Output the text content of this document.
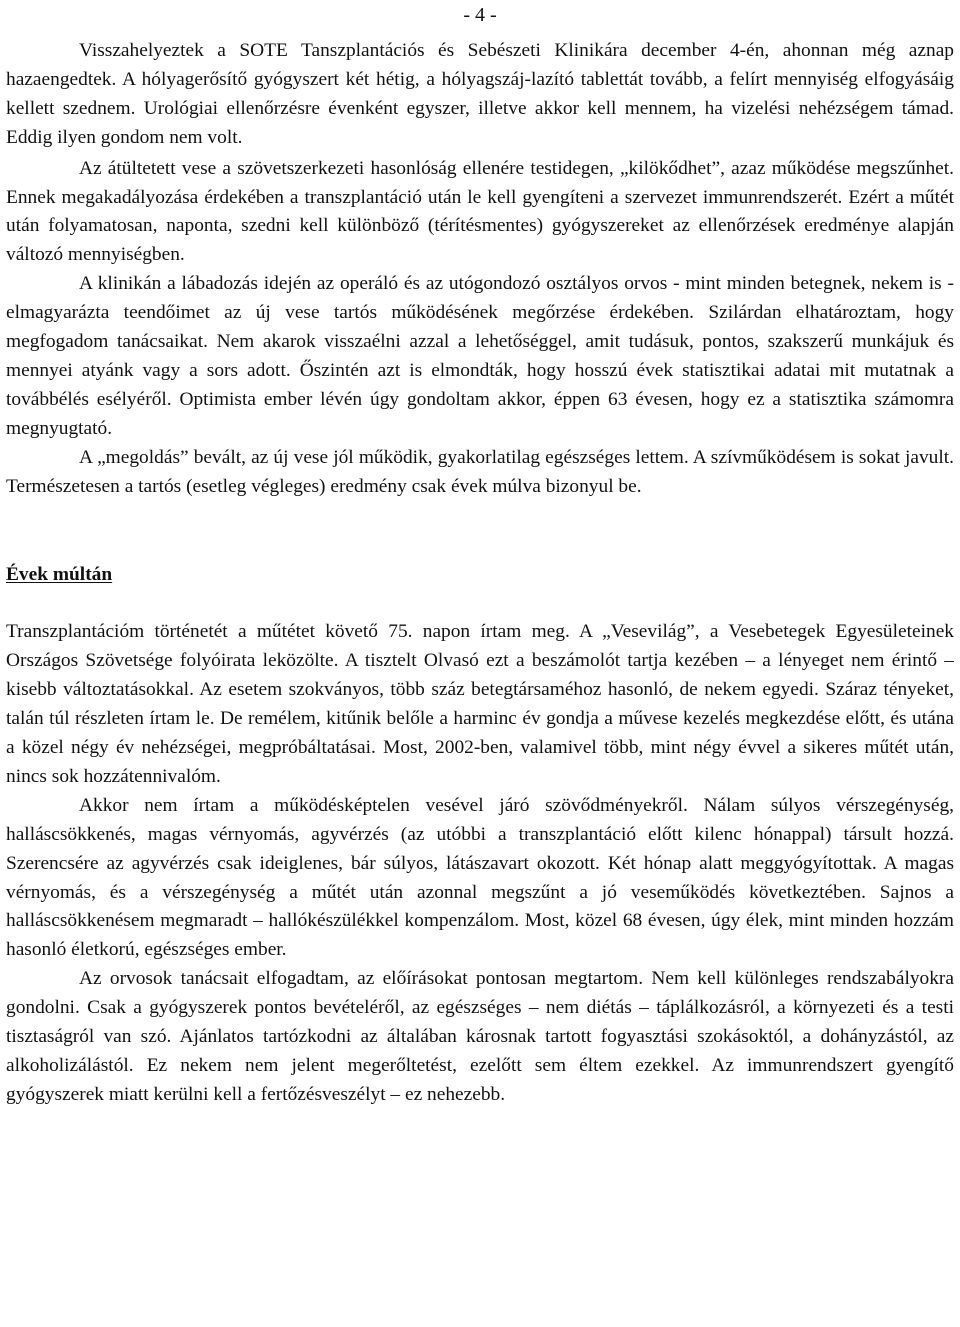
- 4 -

Visszahelyeztek a SOTE Tanszplantációs és Sebészeti Klinikára december 4-én, ahonnan még aznap hazaengedtek. A hólyagerősítő gyógyszert két hétig, a hólyagszáj-lazító tablettát tovább, a felírt mennyiség elfogyásáig kellett szednem. Urológiai ellenőrzésre évenként egyszer, illetve akkor kell mennem, ha vizelési nehézségem támad. Eddig ilyen gondom nem volt.

Az átültetett vese a szövetszerkezeti hasonlóság ellenére testidegen, „kilökődhet”, azaz működése megszűnhet. Ennek megakadályozása érdekében a transzplantáció után le kell gyengíteni a szervezet immunrendszerét. Ezért a műtét után folyamatosan, naponta, szedni kell különböző (térítésmentes) gyógyszereket az ellenőrzések eredménye alapján változó mennyiségben.

A klinikán a lábadozás idején az operáló és az utógondozó osztályos orvos - mint minden betegnek, nekem is - elmagyarázta teendőimet az új vese tartós működésének megőrzése érdekében. Szilárdan elhatároztam, hogy megfogadom tanácsaikat. Nem akarok visszaélni azzal a lehetőséggel, amit tudásuk, pontos, szakszerű munkájuk és mennyei atyánk vagy a sors adott. Őszintén azt is elmondták, hogy hosszú évek statisztikai adatai mit mutatnak a továbbélés esélyéről. Optimista ember lévén úgy gondoltam akkor, éppen 63 évesen, hogy ez a statisztika számomra megnyugtató.

A „megoldás” bevált, az új vese jól működik, gyakorlatilag egészséges lettem. A szívműködésem is sokat javult. Természetesen a tartós (esetleg végleges) eredmény csak évek múlva bizonyul be.

Évek múltán

Transzplantációm történetét a műtétet követő 75. napon írtam meg. A „Vesevilág”, a Vesebetegek Egyesületeinek Országos Szövetsége folyóirata leközölte. A tisztelt Olvasó ezt a beszámolót tartja kezében – a lényeget nem érintő – kisebb változtatásokkal. Az esetem szokványos, több száz betegtársaméhoz hasonló, de nekem egyedi. Száraz tényeket, talán túl részleten írtam le. De remélem, kitűnik belőle a harminc év gondja a művese kezelés megkezdése előtt, és utána a közel négy év nehézségei, megpróbáltatásai. Most, 2002-ben, valamivel több, mint négy évvel a sikeres műtét után, nincs sok hozzátennivalóm.

Akkor nem írtam a működésképtelen vesével járó szövődményekről. Nálam súlyos vérszegénység, halláscsökkenés, magas vérnyomás, agyvérzés (az utóbbi a transzplantáció előtt kilenc hónappal) társult hozzá. Szerencsére az agyvérzés csak ideiglenes, bár súlyos, látászavart okozott. Két hónap alatt meggyógyítottak. A magas vérnyomás, és a vérszegénység a műtét után azonnal megszűnt a jó veseműködés következtében. Sajnos a halláscsökkenésem megmaradt – hallókészülékkel kompenzálom. Most, közel 68 évesen, úgy élek, mint minden hozzám hasonló életkorú, egészséges ember.

Az orvosok tanácsait elfogadtam, az előírásokat pontosan megtartom. Nem kell különleges rendszabályokra gondolni. Csak a gyógyszerek pontos bevételéről, az egészséges – nem diétás – táplálkozásról, a környezeti és a testi tisztaságról van szó. Ajánlatos tartózkodni az általában károsnak tartott fogyasztási szokásoktól, a dohányzástól, az alkoholizálástól. Ez nekem nem jelent megerőltetést, ezelőtt sem éltem ezekkel. Az immunrendszert gyengítő gyógyszerek miatt kerülni kell a fertőzésveszélyt – ez nehezebb.
